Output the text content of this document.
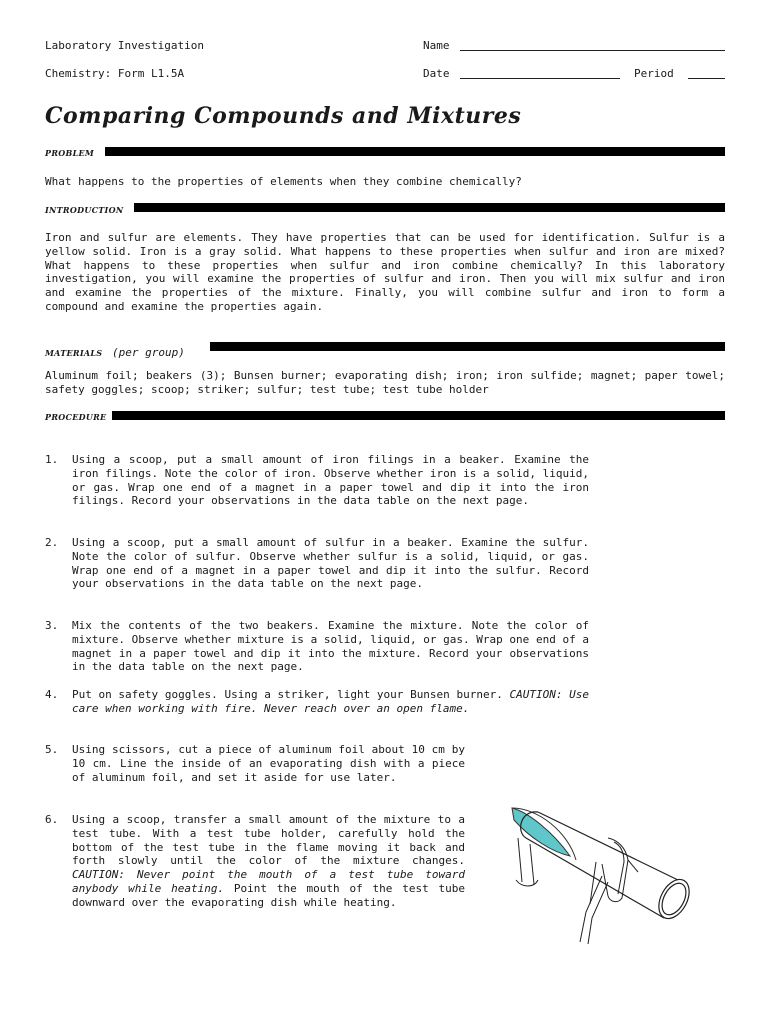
Laboratory Investigation
Chemistry: Form L1.5A
Name
Date	Period
Comparing Compounds and Mixtures
PROBLEM
What happens to the properties of elements when they combine chemically?
INTRODUCTION
Iron and sulfur are elements. They have properties that can be used for identification. Sulfur is a yellow solid. Iron is a gray solid. What happens to these properties when sulfur and iron are mixed? What happens to these properties when sulfur and iron combine chemically? In this laboratory investigation, you will examine the properties of sulfur and iron. Then you will mix sulfur and iron and examine the properties of the mixture. Finally, you will combine sulfur and iron to form a compound and examine the properties again.
MATERIALS (per group)
Aluminum foil; beakers (3); Bunsen burner; evaporating dish; iron; iron sulfide; magnet; paper towel; safety goggles; scoop; striker; sulfur; test tube; test tube holder
PROCEDURE
1. Using a scoop, put a small amount of iron filings in a beaker. Examine the iron filings. Note the color of iron. Observe whether iron is a solid, liquid, or gas. Wrap one end of a magnet in a paper towel and dip it into the iron filings. Record your observations in the data table on the next page.
2. Using a scoop, put a small amount of sulfur in a beaker. Examine the sulfur. Note the color of sulfur. Observe whether sulfur is a solid, liquid, or gas. Wrap one end of a magnet in a paper towel and dip it into the sulfur. Record your observations in the data table on the next page.
3. Mix the contents of the two beakers. Examine the mixture. Note the color of mixture. Observe whether mixture is a solid, liquid, or gas. Wrap one end of a magnet in a paper towel and dip it into the mixture. Record your observations in the data table on the next page.
4. Put on safety goggles. Using a striker, light your Bunsen burner. CAUTION: Use care when working with fire. Never reach over an open flame.
5. Using scissors, cut a piece of aluminum foil about 10 cm by 10 cm. Line the inside of an evaporating dish with a piece of aluminum foil, and set it aside for use later.
6. Using a scoop, transfer a small amount of the mixture to a test tube. With a test tube holder, carefully hold the bottom of the test tube in the flame moving it back and forth slowly until the color of the mixture changes. CAUTION: Never point the mouth of a test tube toward anybody while heating. Point the mouth of the test tube downward over the evaporating dish while heating.
